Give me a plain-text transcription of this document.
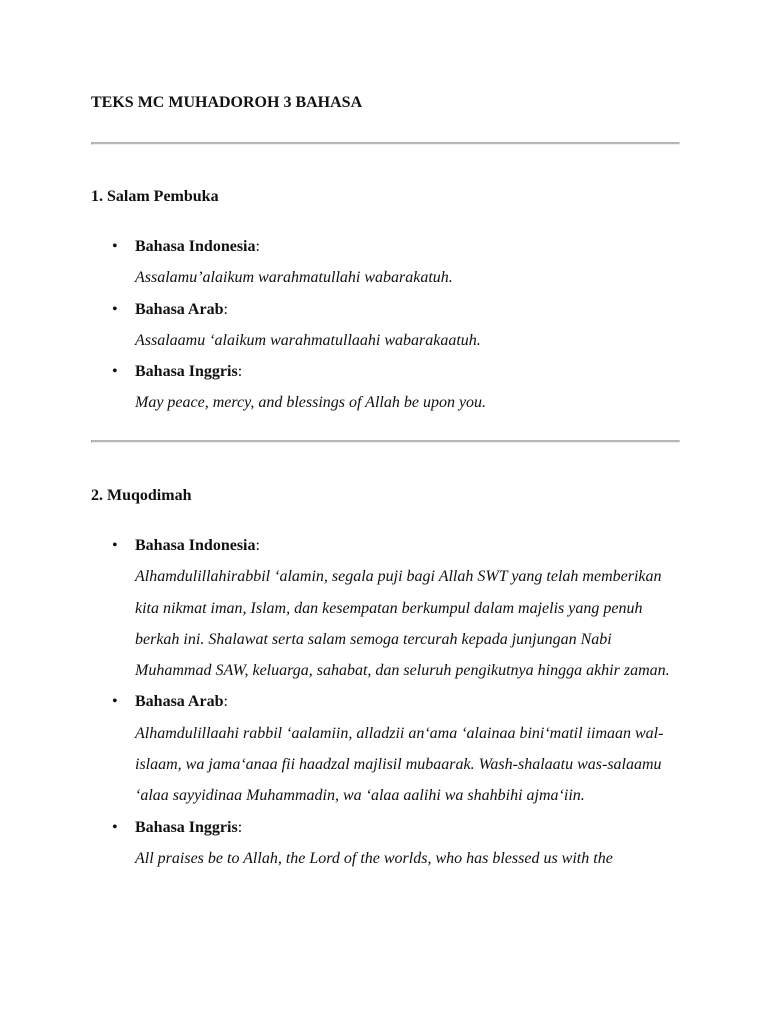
TEKS MC MUHADOROH 3 BAHASA
1. Salam Pembuka
• Bahasa Indonesia:

Assalamu’alaikum warahmatullahi wabarakatuh.

• Bahasa Arab:

Assalaamu ‘alaikum warahmatullaahi wabarakaatuh.

• Bahasa Inggris:

May peace, mercy, and blessings of Allah be upon you.

2. Muqodimah
• Bahasa Indonesia:

Alhamdulillahirabbil ‘alamin, segala puji bagi Allah SWT yang telah memberikan kita nikmat iman, Islam, dan kesempatan berkumpul dalam majelis yang penuh berkah ini. Shalawat serta salam semoga tercurah kepada junjungan Nabi Muhammad SAW, keluarga, sahabat, dan seluruh pengikutnya hingga akhir zaman.

• Bahasa Arab:

Alhamdulillaahi rabbil ‘aalamiin, alladzii an‘ama ‘alainaa bini‘matil iimaan wal-islaam, wa jama‘anaa fii haadzal majlisil mubaarak. Wash-shalaatu was-salaamu ‘alaa sayyidinaa Muhammadin, wa ‘alaa aalihi wa shahbihi ajma‘iin.

• Bahasa Inggris:

All praises be to Allah, the Lord of the worlds, who has blessed us with the
